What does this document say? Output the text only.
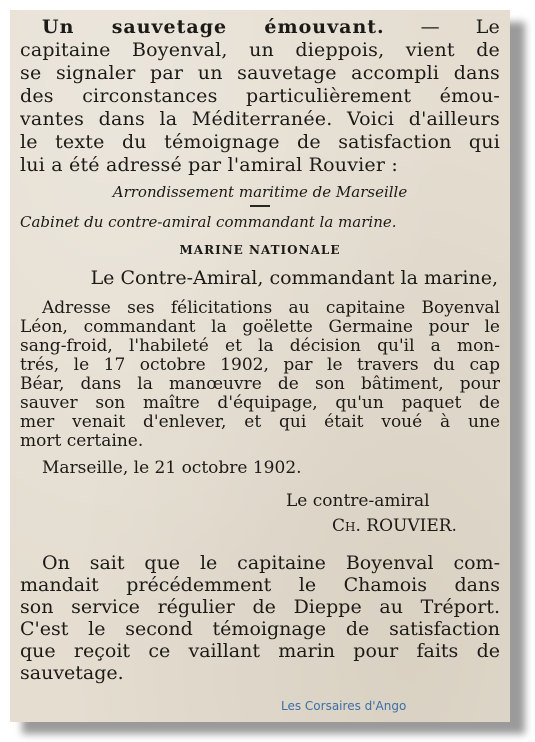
Un sauvetage émouvant. — Le
capitaine Boyenval, un dieppois, vient de
se signaler par un sauvetage accompli dans
des circonstances particulièrement émou-
vantes dans la Méditerranée. Voici d'ailleurs
le texte du témoignage de satisfaction qui
lui a été adressé par l'amiral Rouvier :
Arrondissement maritime de Marseille
Cabinet du contre-amiral commandant la marine.
MARINE NATIONALE
Le Contre-Amiral, commandant la marine,
Adresse ses félicitations au capitaine Boyenval
Léon, commandant la goëlette Germaine pour le
sang-froid, l'habileté et la décision qu'il a mon-
trés, le 17 octobre 1902, par le travers du cap
Béar, dans la manœuvre de son bâtiment, pour
sauver son maître d'équipage, qu'un paquet de
mer venait d'enlever, et qui était voué à une
mort certaine.
Marseille, le 21 octobre 1902.
Le contre-amiral
Ch. ROUVIER.
On sait que le capitaine Boyenval com-
mandait précédemment le Chamois dans
son service régulier de Dieppe au Tréport.
C'est le second témoignage de satisfaction
que reçoit ce vaillant marin pour faits de
sauvetage.
Les Corsaires d'Ango
